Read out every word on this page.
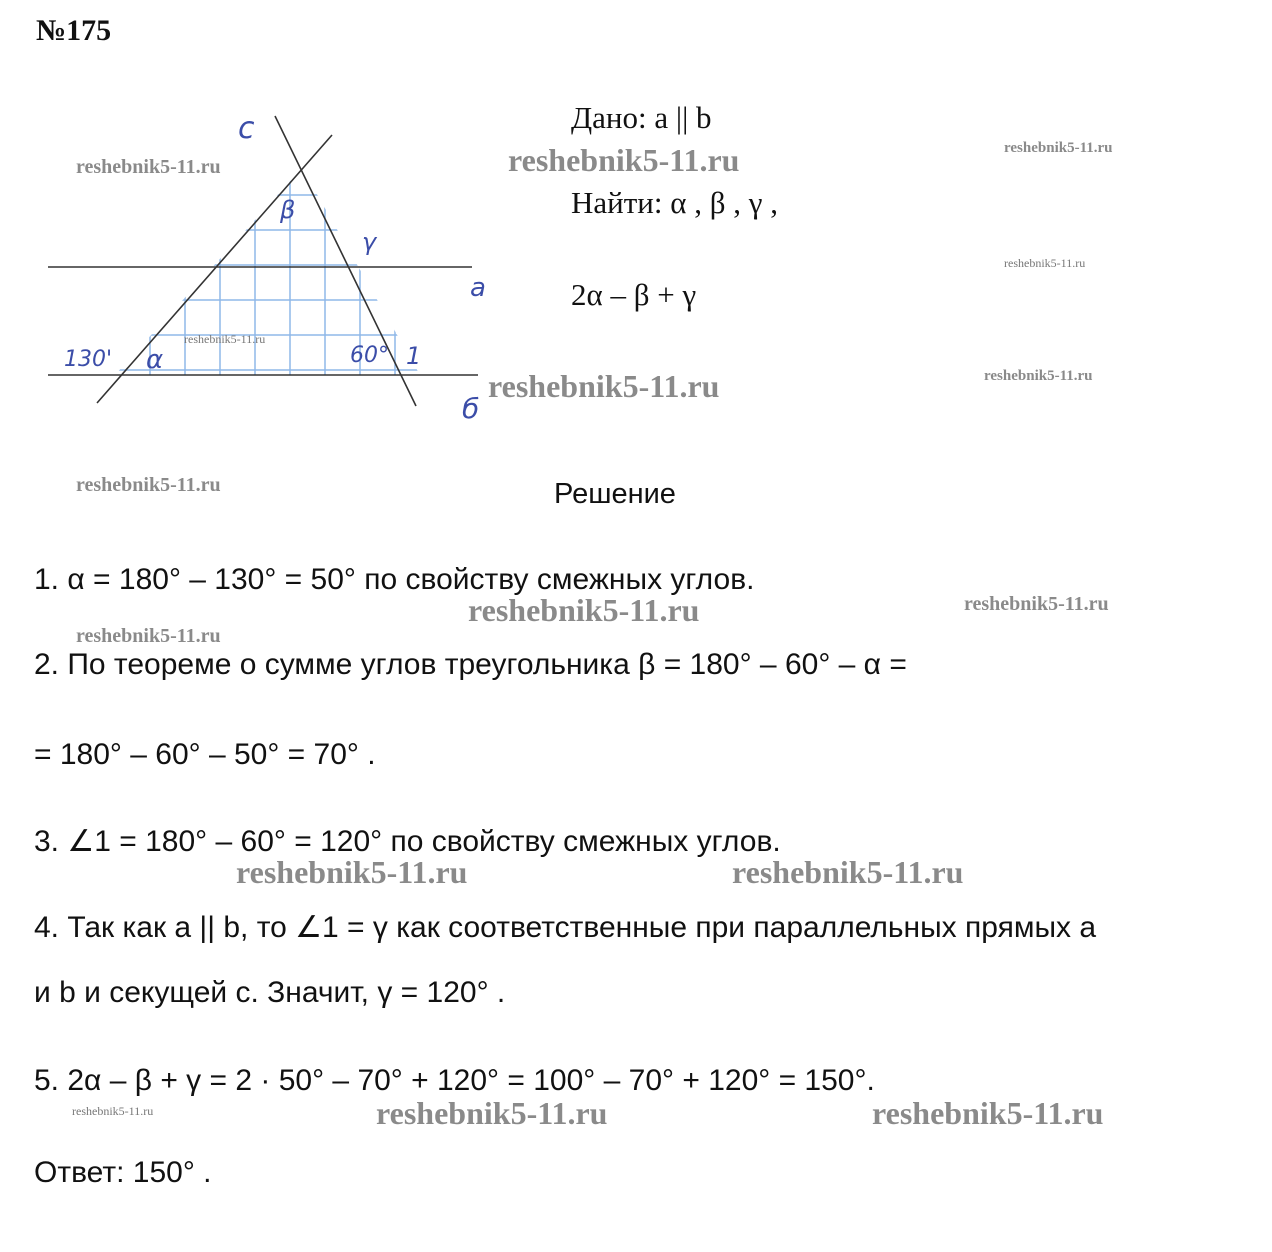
№175
c
β
γ
a
б
130' α	60° 1
Дано: a || b
Найти: α , β , γ ,
2α – β + γ
reshebnik5-11.ru	reshebnik5-11.ru	reshebnik5-11.ru
reshebnik5-11.ru
reshebnik5-11.ru
reshebnik5-11.ru	reshebnik5-11.ru
reshebnik5-11.ru
reshebnik5-11.ru	reshebnik5-11.ru
reshebnik5-11.ru
reshebnik5-11.ru	reshebnik5-11.ru
reshebnik5-11.ru	reshebnik5-11.ru	reshebnik5-11.ru
Решение
1. α = 180° – 130° = 50° по свойству смежных углов.
2. По теореме о сумме углов треугольника β = 180° – 60° – α =
= 180° – 60° – 50° = 70° .
3. ∠1 = 180° – 60° = 120° по свойству смежных углов.
4. Так как a || b, то ∠1 = γ как соответственные при параллельных прямых a
и b и секущей c. Значит, γ = 120° .
5. 2α – β + γ = 2 · 50° – 70° + 120° = 100° – 70° + 120° = 150°.
Ответ: 150° .
